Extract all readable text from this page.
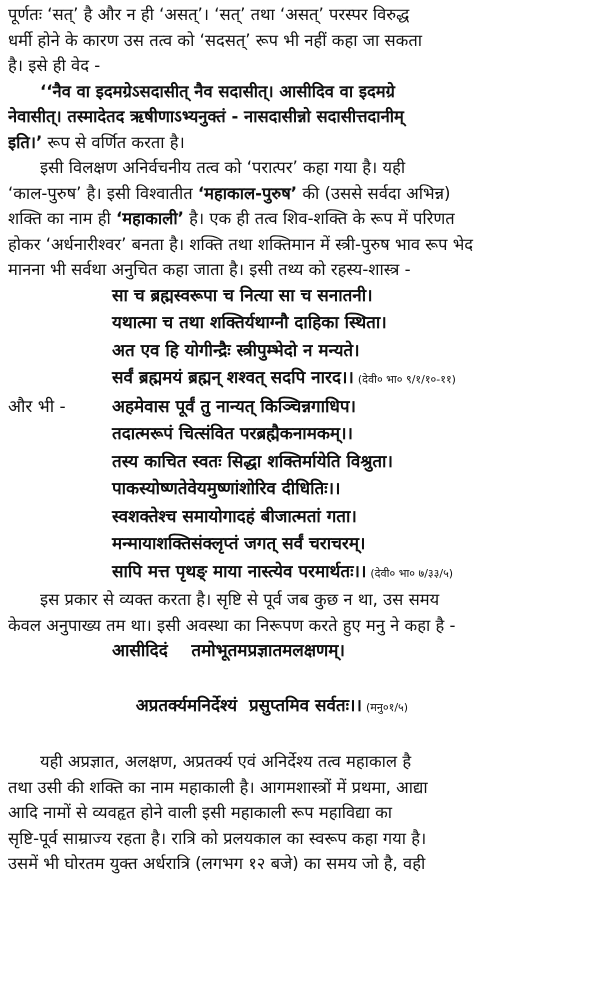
पूर्णतः ‘सत्’ है और न ही ‘असत्’। ‘सत्’ तथा ‘असत्’ परस्पर विरुद्ध
धर्मी होने के कारण उस तत्व को ‘सदसत्’ रूप भी नहीं कहा जा सकता
है। इसे ही वेद -
‘‘नैव वा इदमग्रेऽसदासीत् नैव सदासीत्। आसीदिव वा इदमग्रे
नेवासीत्। तस्मादेतद ऋषीणाऽभ्यनुक्तं - नासदासीन्नो सदासीत्तदानीम्
इति।’ रूप से वर्णित करता है।
इसी विलक्षण अनिर्वचनीय तत्व को ‘परात्पर’ कहा गया है। यही
‘काल-पुरुष’ है। इसी विश्वातीत ‘महाकाल-पुरुष’ की (उससे सर्वदा अभिन्न)
शक्ति का नाम ही ‘महाकाली’ है। एक ही तत्व शिव-शक्ति के रूप में परिणत
होकर ‘अर्धनारीश्वर’ बनता है। शक्ति तथा शक्तिमान में स्त्री-पुरुष भाव रूप भेद
मानना भी सर्वथा अनुचित कहा जाता है। इसी तथ्य को रहस्य-शास्त्र -
सा च ब्रह्मस्वरूपा च नित्या सा च सनातनी।
यथात्मा च तथा शक्तिर्यथाग्नौ दाहिका स्थिता।
अत एव हि योगीन्द्रैः स्त्रीपुम्भेदो न मन्यते।
सर्वं ब्रह्ममयं ब्रह्मन् शश्वत् सदपि नारद।। (देवी० भा० ९/१/१०-११)
और भी -	अहमेवास पूर्वं तु नान्यत् किञ्चिन्नगाधिप।
तदात्मरूपं चित्संवित परब्रह्मैकनामकम्।।
तस्य काचित स्वतः सिद्धा शक्तिर्मायेति विश्रुता।
पाकस्योष्णतेवेयमुष्णांशोरिव दीधितिः।।
स्वशक्तेश्च समायोगादहं बीजात्मतां गता।
मन्मायाशक्तिसंक्लृप्तं जगत् सर्वं चराचरम्।
सापि मत्त पृथङ् माया नास्त्येव परमार्थतः।। (देवी० भा० ७/३३/५)
इस प्रकार से व्यक्त करता है। सृष्टि से पूर्व जब कुछ न था, उस समय
केवल अनुपाख्य तम था। इसी अवस्था का निरूपण करते हुए मनु ने कहा है -
आसीदिदं    तमोभूतमप्रज्ञातमलक्षणम्।

अप्रतर्क्यमनिर्देश्यं  प्रसुप्तमिव सर्वतः।। (मनु०१/५)

यही अप्रज्ञात, अलक्षण, अप्रतर्क्य एवं अनिर्देश्य तत्व महाकाल है
तथा उसी की शक्ति का नाम महाकाली है। आगमशास्त्रों में प्रथमा, आद्या
आदि नामों से व्यवहृत होने वाली इसी महाकाली रूप महाविद्या का
सृष्टि-पूर्व साम्राज्य रहता है। रात्रि को प्रलयकाल का स्वरूप कहा गया है।
उसमें भी घोरतम युक्त अर्धरात्रि (लगभग १२ बजे) का समय जो है, वही
